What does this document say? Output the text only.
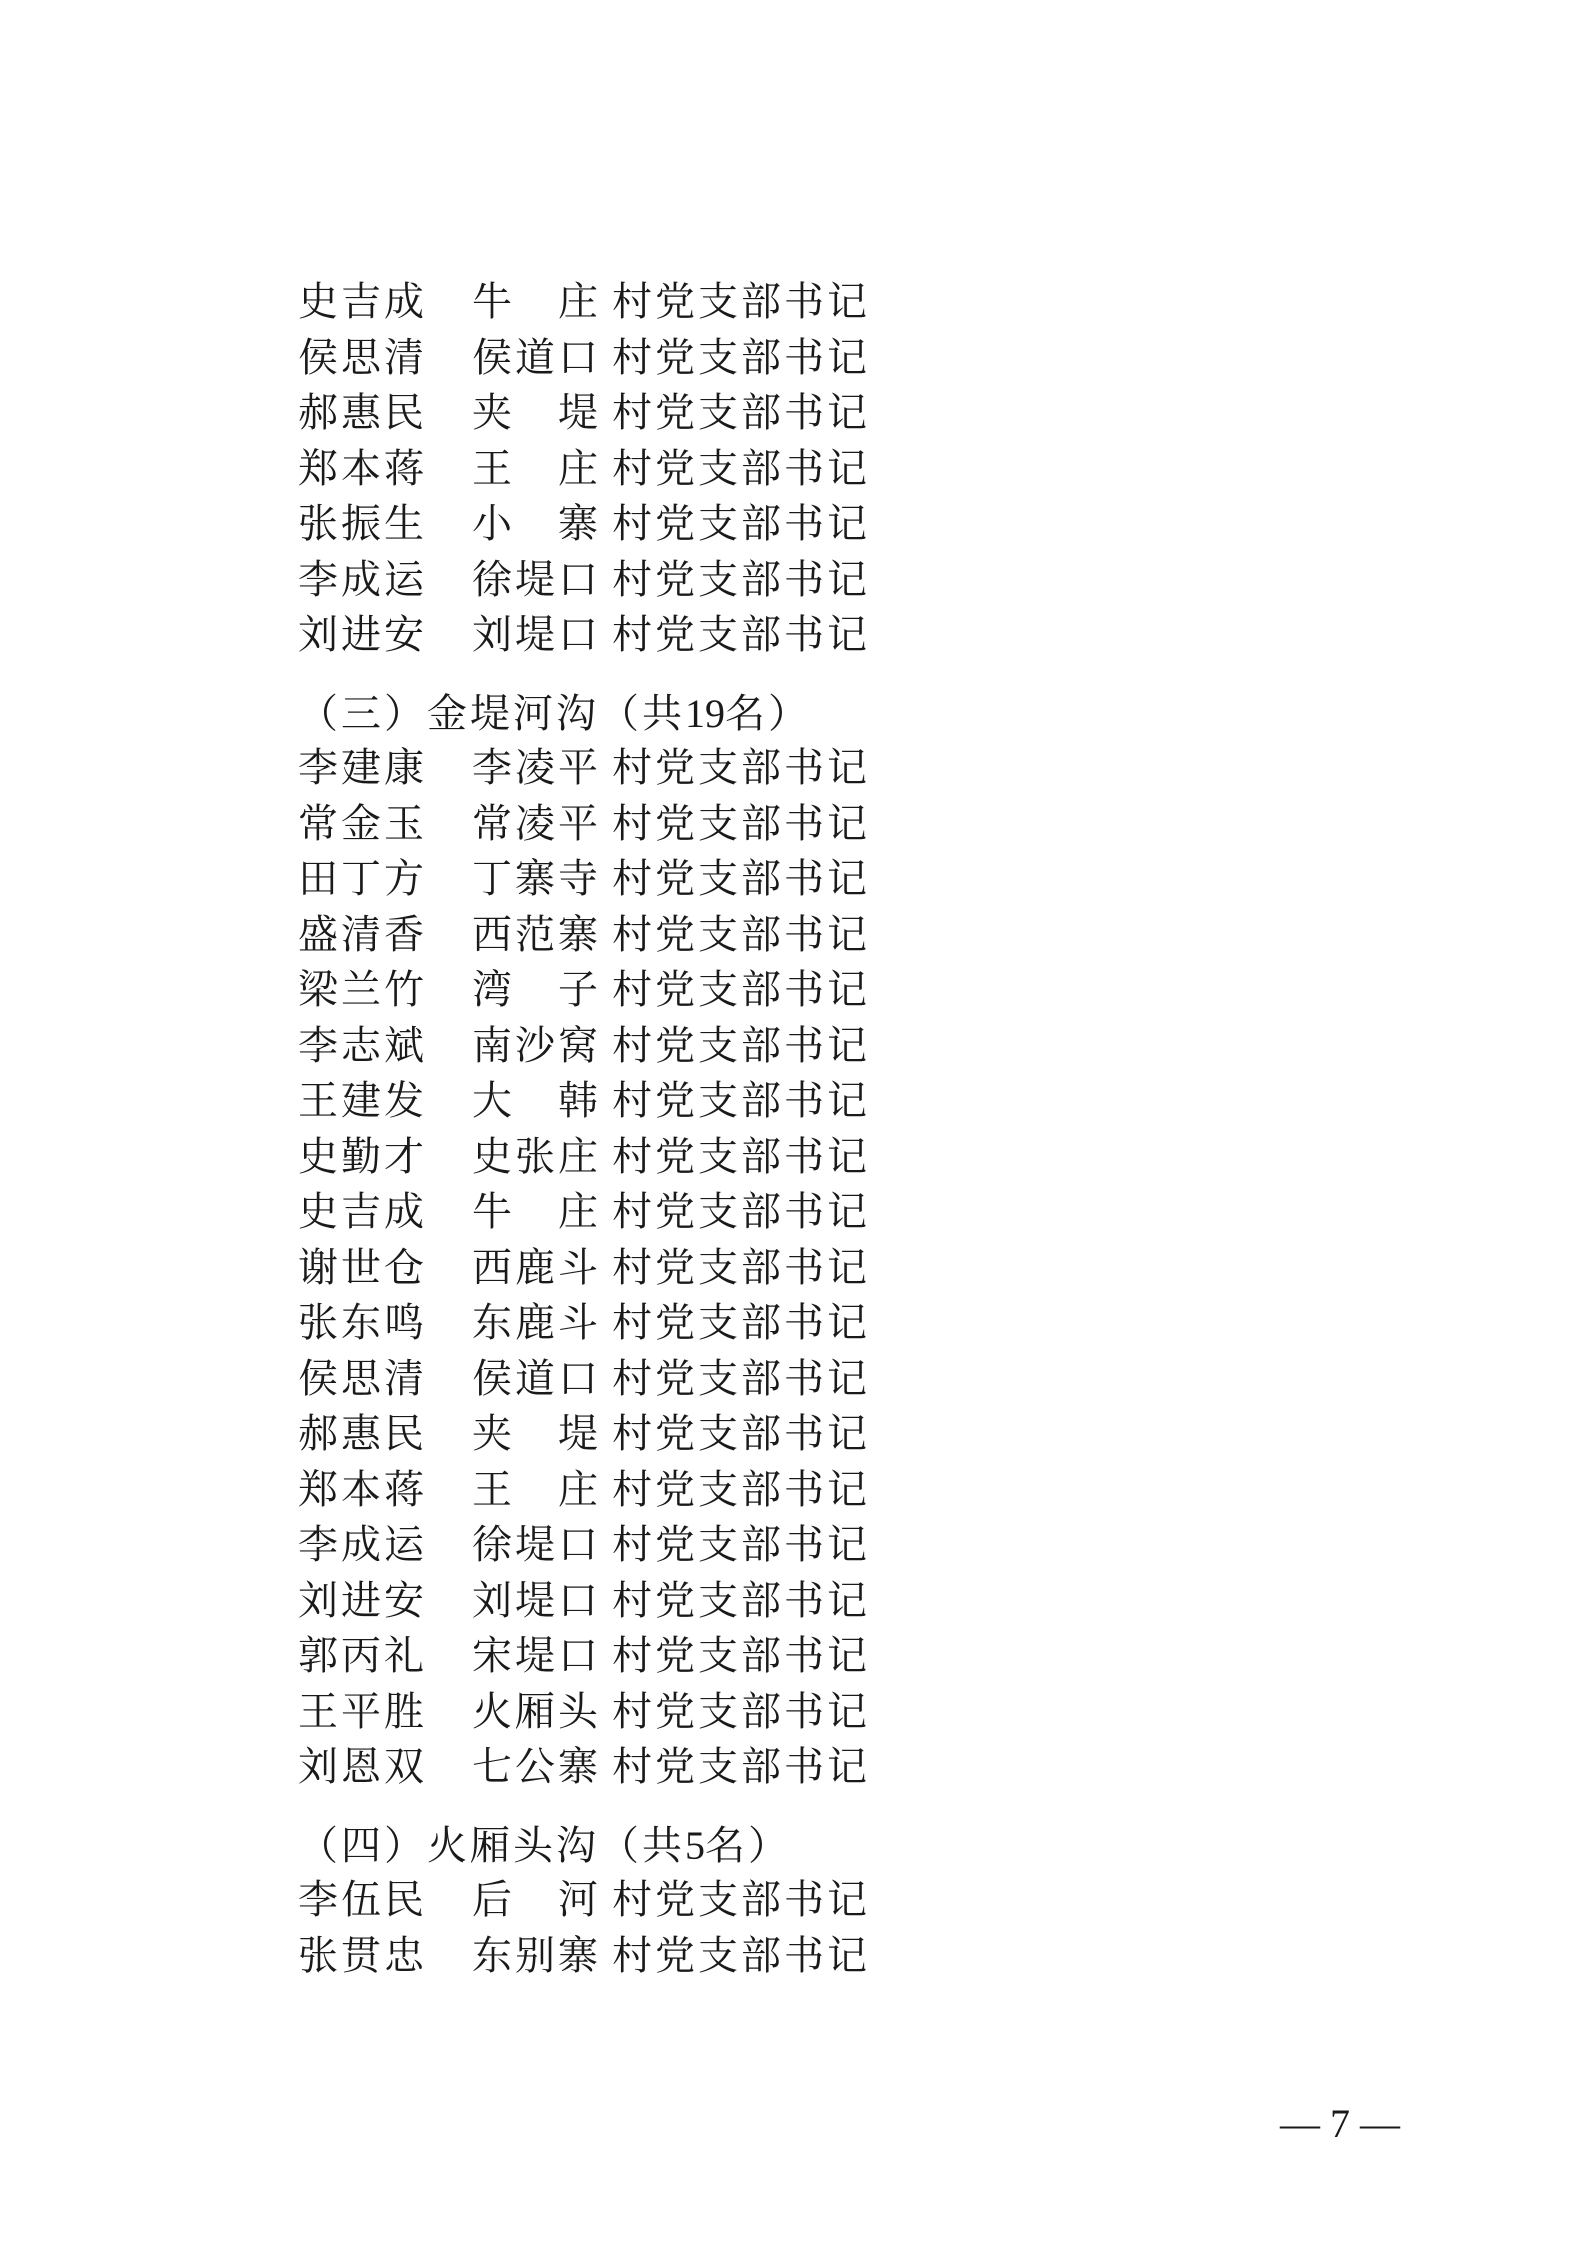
史吉成 牛　庄 村党支部书记
侯思清 侯道口 村党支部书记
郝惠民 夹　堤 村党支部书记
郑本蒋 王　庄 村党支部书记
张振生 小　寨 村党支部书记
李成运 徐堤口 村党支部书记
刘进安 刘堤口 村党支部书记
（三）金堤河沟（共19名）
李建康 李凌平 村党支部书记
常金玉 常凌平 村党支部书记
田丁方 丁寨寺 村党支部书记
盛清香 西范寨 村党支部书记
梁兰竹 湾　子 村党支部书记
李志斌 南沙窝 村党支部书记
王建发 大　韩 村党支部书记
史勤才 史张庄 村党支部书记
史吉成 牛　庄 村党支部书记
谢世仓 西鹿斗 村党支部书记
张东鸣 东鹿斗 村党支部书记
侯思清 侯道口 村党支部书记
郝惠民 夹　堤 村党支部书记
郑本蒋 王　庄 村党支部书记
李成运 徐堤口 村党支部书记
刘进安 刘堤口 村党支部书记
郭丙礼 宋堤口 村党支部书记
王平胜 火厢头 村党支部书记
刘恩双 七公寨 村党支部书记
（四）火厢头沟（共5名）
李伍民 后　河 村党支部书记
张贯忠 东别寨 村党支部书记
— 7 —
